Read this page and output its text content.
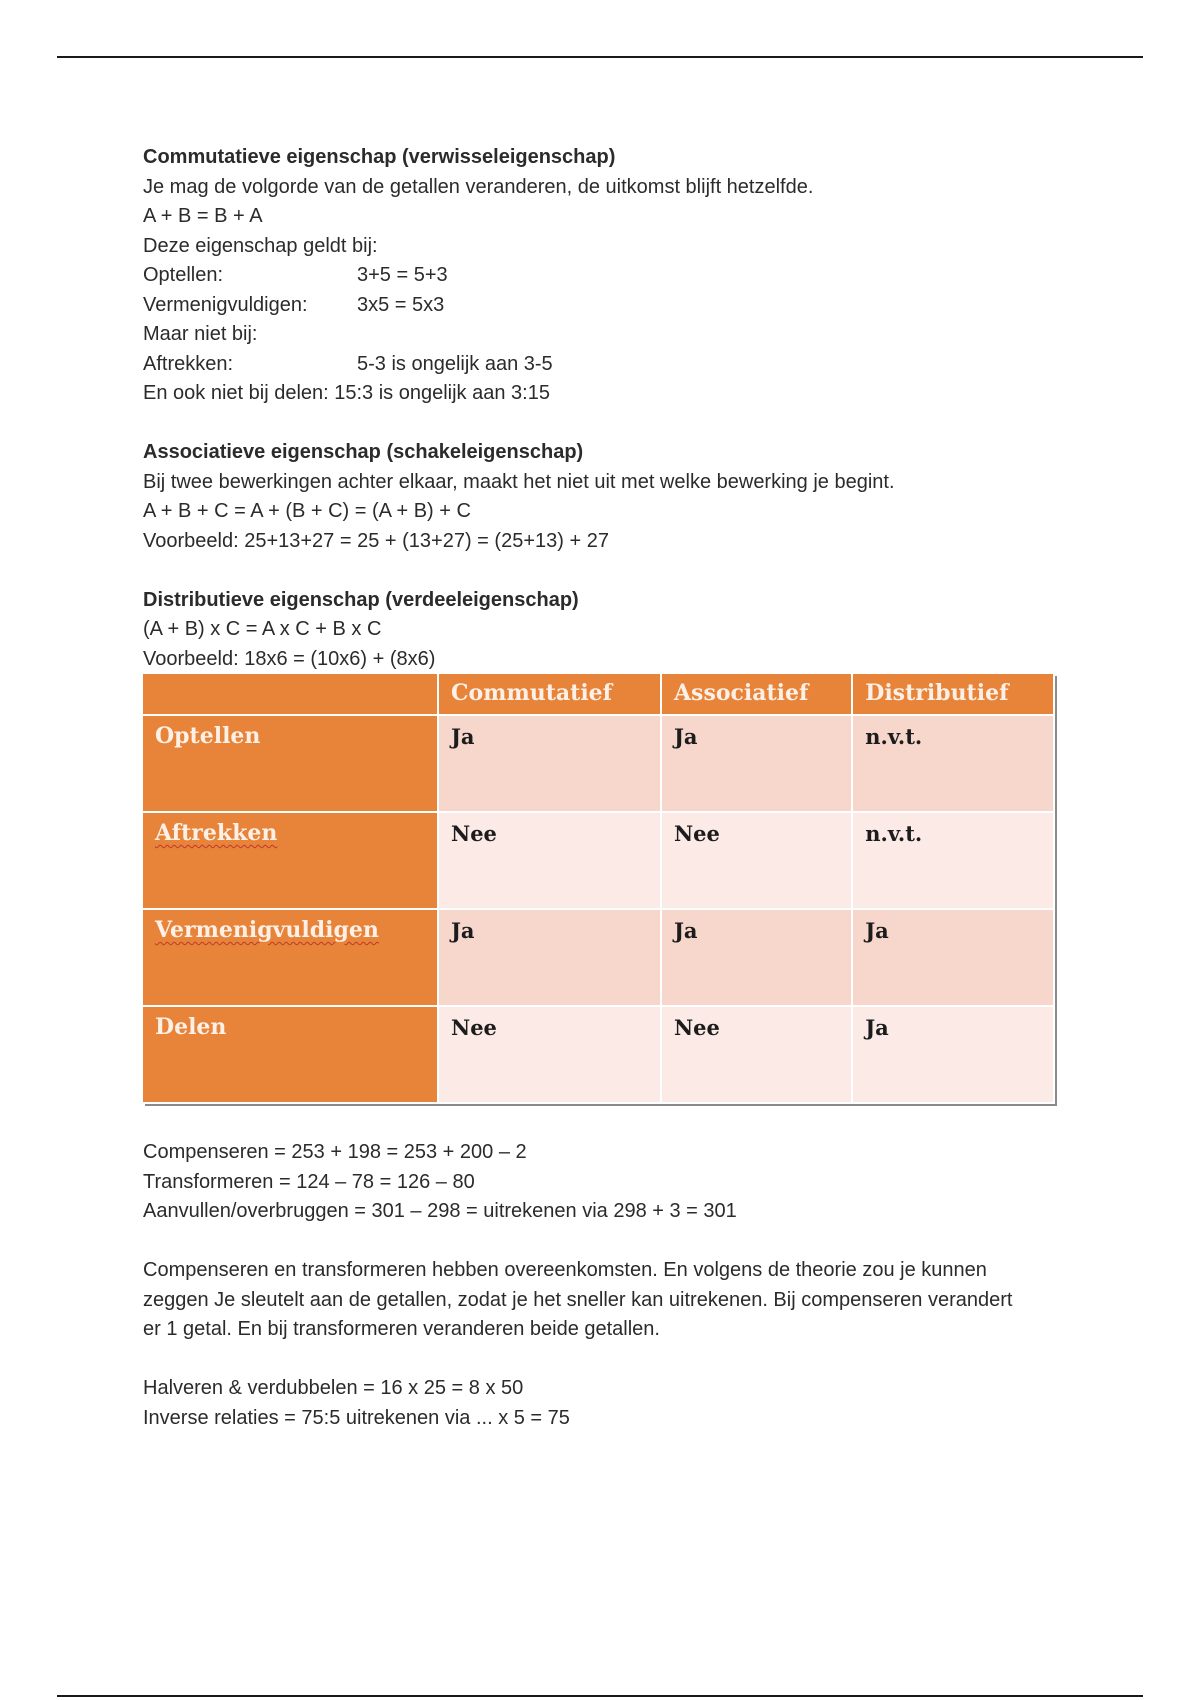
Commutatieve eigenschap (verwisseleigenschap)
Je mag de volgorde van de getallen veranderen, de uitkomst blijft hetzelfde.
A + B = B + A
Deze eigenschap geldt bij:
Optellen:	3+5 = 5+3
Vermenigvuldigen:	3x5 = 5x3
Maar niet bij:
Aftrekken:	5-3 is ongelijk aan 3-5
En ook niet bij delen: 15:3 is ongelijk aan 3:15
Associatieve eigenschap (schakeleigenschap)
Bij twee bewerkingen achter elkaar, maakt het niet uit met welke bewerking je begint.
A + B + C = A + (B + C) = (A + B) + C
Voorbeeld: 25+13+27 = 25 + (13+27) = (25+13) + 27
Distributieve eigenschap (verdeeleigenschap)
(A + B) x C = A x C + B x C
Voorbeeld: 18x6 = (10x6) + (8x6)
	Commutatief	Associatief	Distributief
Optellen	Ja	Ja	n.v.t.
Aftrekken	Nee	Nee	n.v.t.
Vermenigvuldigen	Ja	Ja	Ja
Delen	Nee	Nee	Ja
Compenseren = 253 + 198 = 253 + 200 – 2
Transformeren = 124 – 78 = 126 – 80
Aanvullen/overbruggen = 301 – 298 = uitrekenen via 298 + 3 = 301
Compenseren en transformeren hebben overeenkomsten. En volgens de theorie zou je kunnen zeggen Je sleutelt aan de getallen, zodat je het sneller kan uitrekenen. Bij compenseren verandert er 1 getal. En bij transformeren veranderen beide getallen.
Halveren & verdubbelen = 16 x 25 = 8 x 50
Inverse relaties = 75:5 uitrekenen via ... x 5 = 75
